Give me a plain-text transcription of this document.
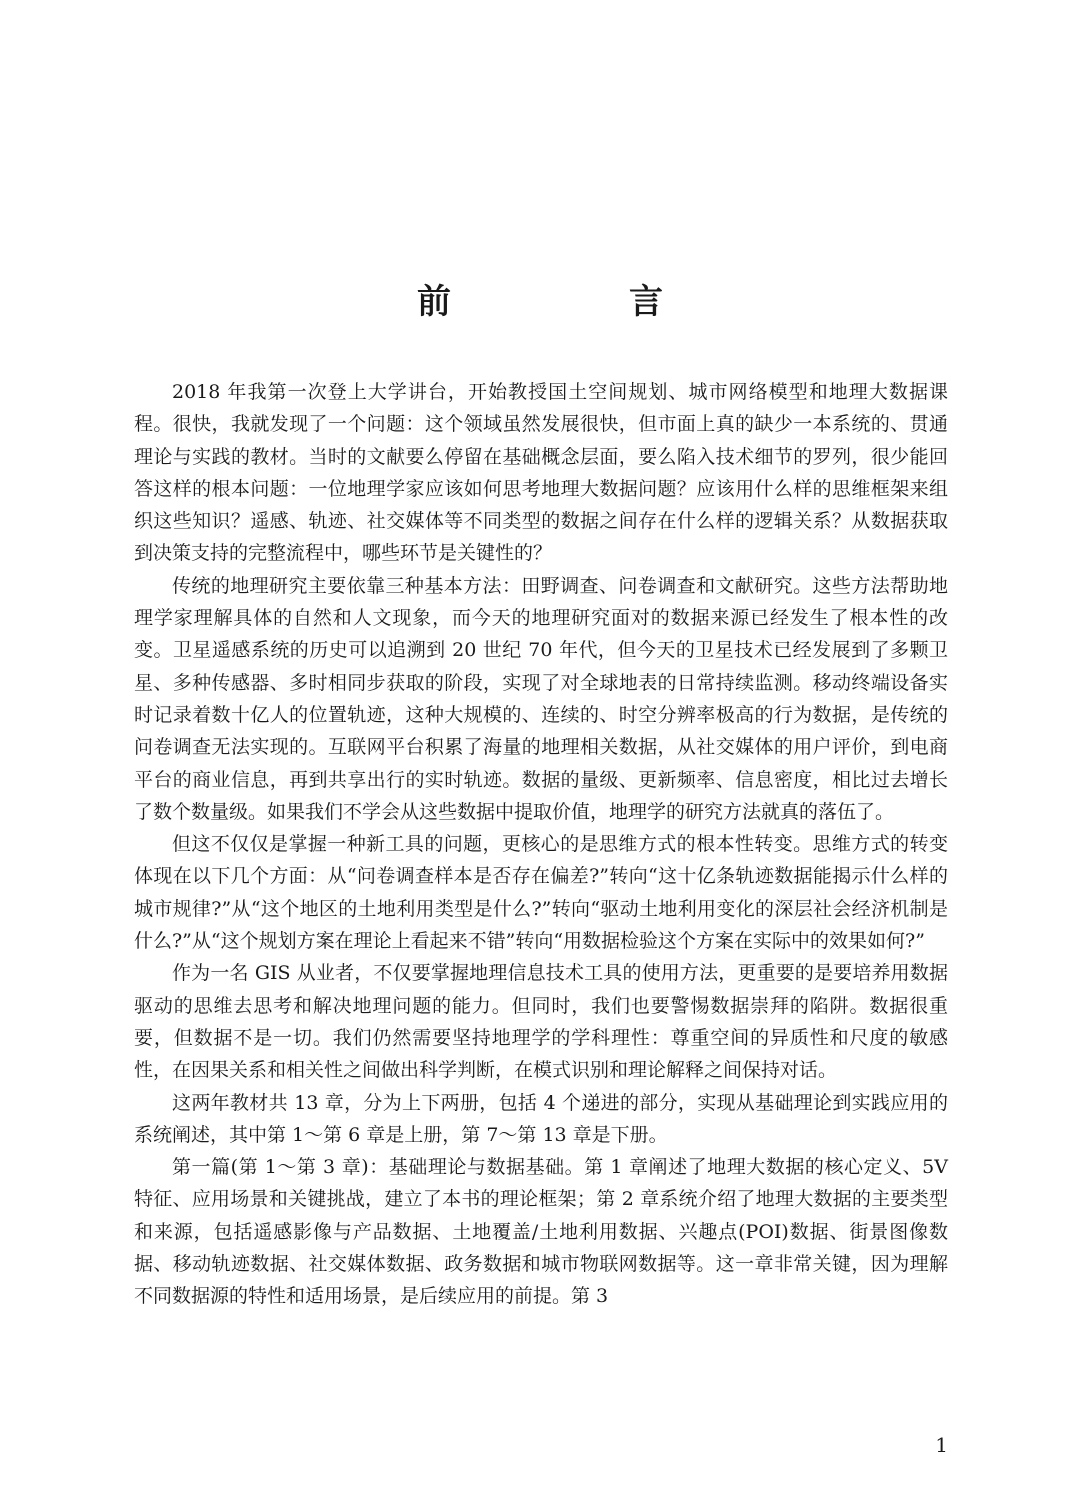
前　言

2018 年我第一次登上大学讲台，开始教授国土空间规划、城市网络模型和地理大数据课程。很快，我就发现了一个问题：这个领域虽然发展很快，但市面上真的缺少一本系统的、贯通理论与实践的教材。当时的文献要么停留在基础概念层面，要么陷入技术细节的罗列，很少能回答这样的根本问题：一位地理学家应该如何思考地理大数据问题？应该用什么样的思维框架来组织这些知识？遥感、轨迹、社交媒体等不同类型的数据之间存在什么样的逻辑关系？从数据获取到决策支持的完整流程中，哪些环节是关键性的？

传统的地理研究主要依靠三种基本方法：田野调查、问卷调查和文献研究。这些方法帮助地理学家理解具体的自然和人文现象，而今天的地理研究面对的数据来源已经发生了根本性的改变。卫星遥感系统的历史可以追溯到 20 世纪 70 年代，但今天的卫星技术已经发展到了多颗卫星、多种传感器、多时相同步获取的阶段，实现了对全球地表的日常持续监测。移动终端设备实时记录着数十亿人的位置轨迹，这种大规模的、连续的、时空分辨率极高的行为数据，是传统的问卷调查无法实现的。互联网平台积累了海量的地理相关数据，从社交媒体的用户评价，到电商平台的商业信息，再到共享出行的实时轨迹。数据的量级、更新频率、信息密度，相比过去增长了数个数量级。如果我们不学会从这些数据中提取价值，地理学的研究方法就真的落伍了。

但这不仅仅是掌握一种新工具的问题，更核心的是思维方式的根本性转变。思维方式的转变体现在以下几个方面：从“问卷调查样本是否存在偏差?”转向“这十亿条轨迹数据能揭示什么样的城市规律?”从“这个地区的土地利用类型是什么?”转向“驱动土地利用变化的深层社会经济机制是什么?”从“这个规划方案在理论上看起来不错”转向“用数据检验这个方案在实际中的效果如何?”

作为一名 GIS 从业者，不仅要掌握地理信息技术工具的使用方法，更重要的是要培养用数据驱动的思维去思考和解决地理问题的能力。但同时，我们也要警惕数据崇拜的陷阱。数据很重要，但数据不是一切。我们仍然需要坚持地理学的学科理性：尊重空间的异质性和尺度的敏感性，在因果关系和相关性之间做出科学判断，在模式识别和理论解释之间保持对话。

这两年教材共 13 章，分为上下两册，包括 4 个递进的部分，实现从基础理论到实践应用的系统阐述，其中第 1～第 6 章是上册，第 7～第 13 章是下册。

第一篇(第 1～第 3 章)：基础理论与数据基础。第 1 章阐述了地理大数据的核心定义、5V 特征、应用场景和关键挑战，建立了本书的理论框架；第 2 章系统介绍了地理大数据的主要类型和来源，包括遥感影像与产品数据、土地覆盖/土地利用数据、兴趣点(POI)数据、街景图像数据、移动轨迹数据、社交媒体数据、政务数据和城市物联网数据等。这一章非常关键，因为理解不同数据源的特性和适用场景，是后续应用的前提。第 3

1
